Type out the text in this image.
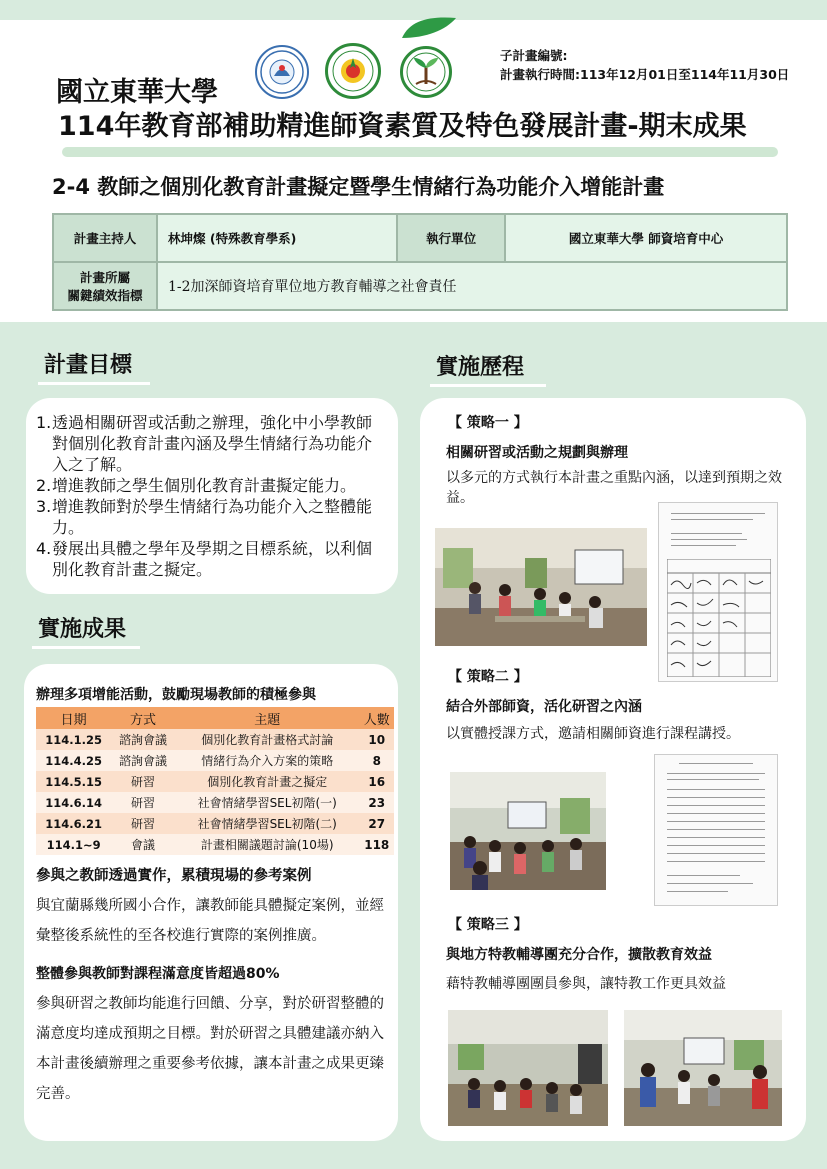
子計畫編號:
計畫執行時間:113年12月01日至114年11月30日
國立東華大學
114年教育部補助精進師資素質及特色發展計畫-期末成果
2-4 教師之個別化教育計畫擬定暨學生情緒行為功能介入增能計畫
計畫主持人	林坤燦 (特殊教育學系)	執行單位	國立東華大學 師資培育中心

計畫所屬
關鍵績效指標	1-2加深師資培育單位地方教育輔導之社會責任		
計畫目標
1. 透過相關研習或活動之辦理，強化中小學教師對個別化教育計畫內涵及學生情緒行為功能介入之了解。
2. 增進教師之學生個別化教育計畫擬定能力。
3. 增進教師對於學生情緒行為功能介入之整體能力。
4. 發展出具體之學年及學期之目標系統，以利個別化教育計畫之擬定。
實施成果
辦理多項增能活動，鼓勵現場教師的積極參與
日期	方式	主題	人數
114.1.25	諮詢會議	個別化教育計畫格式討論	10
114.4.25	諮詢會議	情緒行為介入方案的策略	8
114.5.15	研習	個別化教育計畫之擬定	16
114.6.14	研習	社會情緒學習SEL初階(一)	23
114.6.21	研習	社會情緒學習SEL初階(二)	27
114.1~9	會議	計畫相關議題討論(10場)	118
參與之教師透過實作，累積現場的參考案例
與宜蘭縣幾所國小合作，讓教師能具體擬定案例，並經彙整後系統性的至各校進行實際的案例推廣。
整體參與教師對課程滿意度皆超過80%
參與研習之教師均能進行回饋、分享，對於研習整體的滿意度均達成預期之目標。對於研習之具體建議亦納入本計畫後續辦理之重要參考依據，讓本計畫之成果更臻完善。
實施歷程
【 策略一 】
相關研習或活動之規劃與辦理
以多元的方式執行本計畫之重點內涵，以達到預期之效益。
【 策略二 】
結合外部師資，活化研習之內涵
以實體授課方式，邀請相關師資進行課程講授。
【 策略三 】
與地方特教輔導團充分合作，擴散教育效益
藉特教輔導團團員參與，讓特教工作更具效益
